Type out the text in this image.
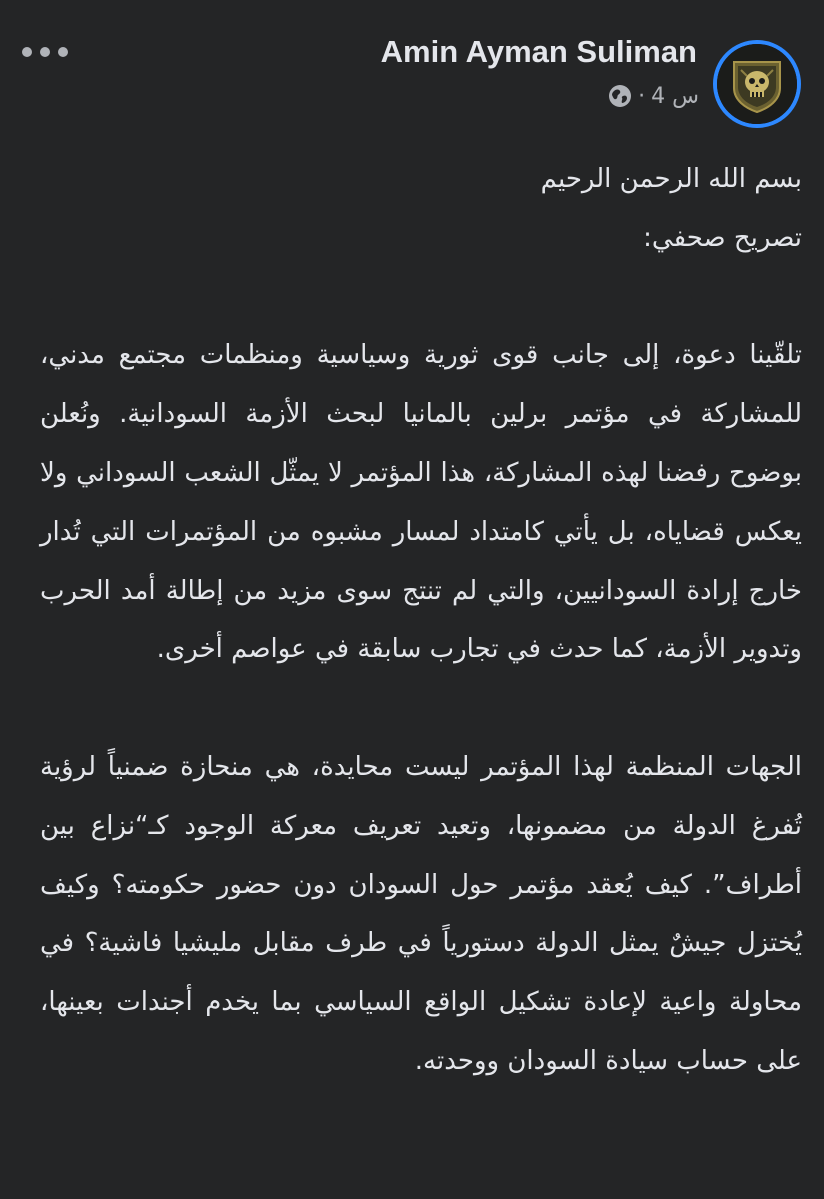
Amin Ayman Suliman
4 س
·

بسم الله الرحمن الرحيم

تصريح صحفي:

تلقّينا دعوة، إلى جانب قوى ثورية وسياسية ومنظمات مجتمع مدني، للمشاركة في مؤتمر برلين بالمانيا لبحث الأزمة السودانية. ونُعلن بوضوح رفضنا لهذه المشاركة، هذا المؤتمر لا يمثّل الشعب السوداني ولا يعكس قضاياه، بل يأتي كامتداد لمسار مشبوه من المؤتمرات التي تُدار خارج إرادة السودانيين، والتي لم تنتج سوى مزيد من إطالة أمد الحرب وتدوير الأزمة، كما حدث في تجارب سابقة في عواصم أخرى.

الجهات المنظمة لهذا المؤتمر ليست محايدة، هي منحازة ضمنياً لرؤية تُفرغ الدولة من مضمونها، وتعيد تعريف معركة الوجود كـ“نزاع بين أطراف”. كيف يُعقد مؤتمر حول السودان دون حضور حكومته؟ وكيف يُختزل جيشٌ يمثل الدولة دستورياً في طرف مقابل مليشيا فاشية؟ في محاولة واعية لإعادة تشكيل الواقع السياسي بما يخدم أجندات بعينها، على حساب سيادة السودان ووحدته.
